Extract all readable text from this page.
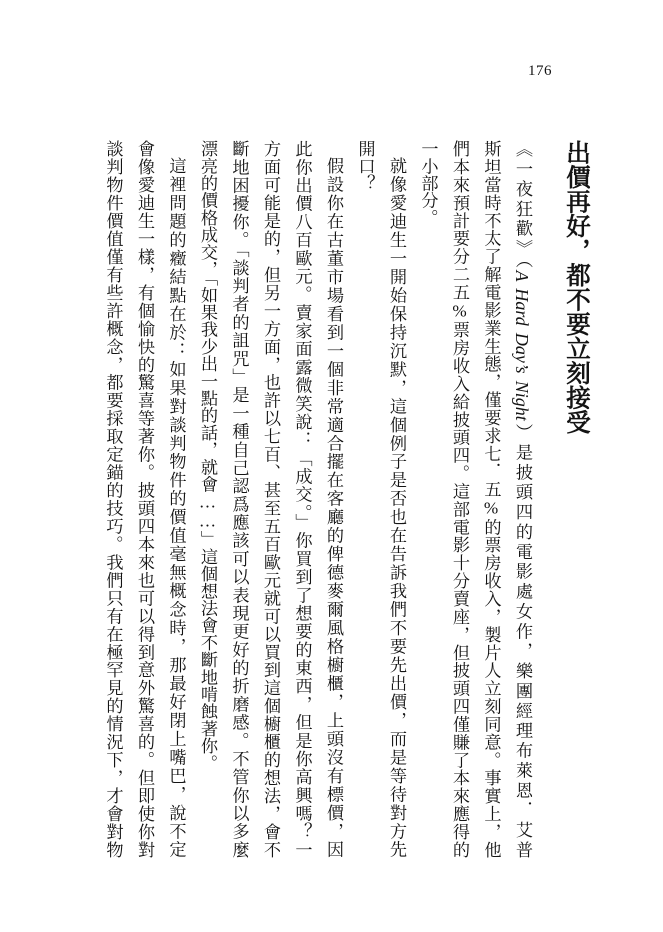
176
出價再好，都不要立刻接受
《一夜狂歡》（A Hard Day’s Night）是披頭四的電影處女作，樂團經理布萊恩．艾普
斯坦當時不太了解電影業生態，僅要求七．五%的票房收入，製片人立刻同意。事實上，他
們本來預計要分二五%票房收入給披頭四。這部電影十分賣座，但披頭四僅賺了本來應得的
一小部分。
就像愛迪生一開始保持沉默，這個例子是否也在告訴我們不要先出價，而是等待對方先
開口？
假設你在古董市場看到一個非常適合擺在客廳的俾德麥爾風格櫥櫃，上頭沒有標價，因
此你出價八百歐元。賣家面露微笑說：「成交。」你買到了想要的東西，但是你高興嗎？一
方面可能是的，但另一方面，也許以七百、甚至五百歐元就可以買到這個櫥櫃的想法，會不
斷地困擾你。「談判者的詛咒」是一種自己認爲應該可以表現更好的折磨感。不管你以多麼
漂亮的價格成交，「如果我少出一點的話，就會……」這個想法會不斷地啃蝕著你。
這裡問題的癥結點在於：如果對談判物件的價值毫無概念時，那最好閉上嘴巴，說不定
會像愛迪生一樣，有個愉快的驚喜等著你。披頭四本來也可以得到意外驚喜的。但即使你對
談判物件價值僅有些許概念，都要採取定錨的技巧。我們只有在極罕見的情況下，才會對物
